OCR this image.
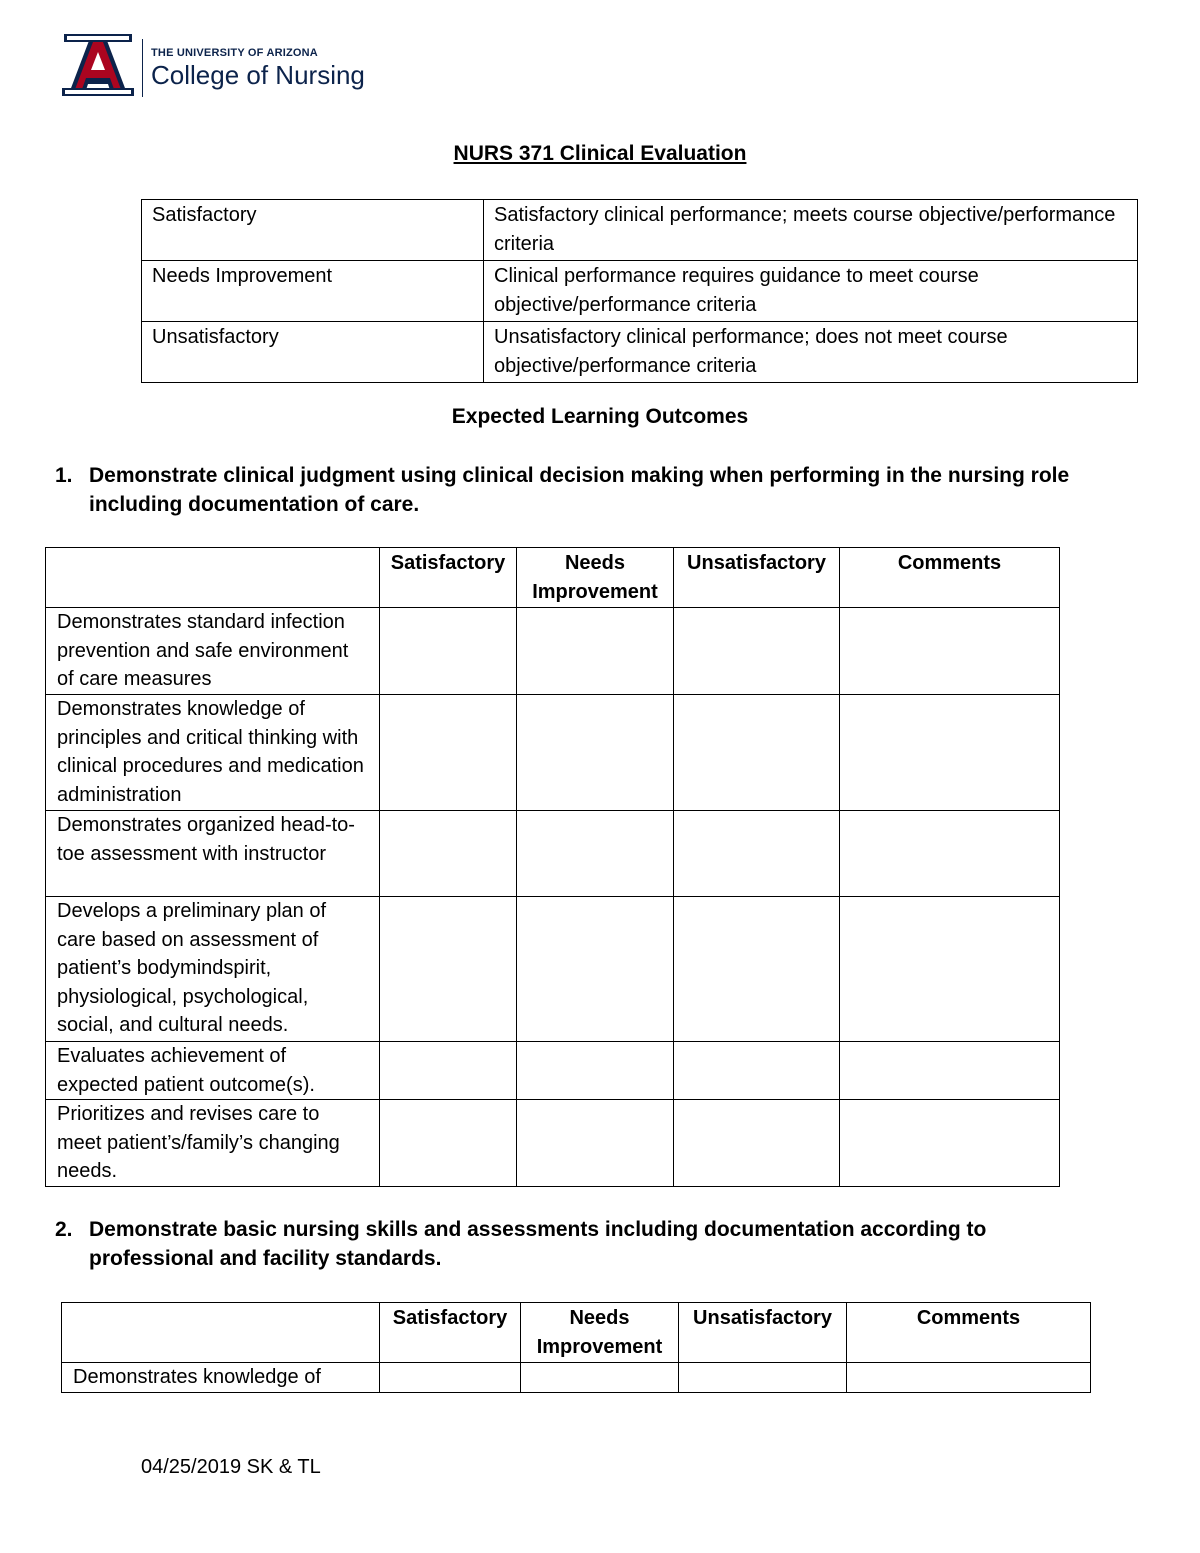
THE UNIVERSITY OF ARIZONA
College of Nursing
NURS 371 Clinical Evaluation
Satisfactory	Satisfactory clinical performance; meets course objective/performance criteria
Needs Improvement	Clinical performance requires guidance to meet course objective/performance criteria
Unsatisfactory	Unsatisfactory clinical performance; does not meet course objective/performance criteria
Expected Learning Outcomes
1. Demonstrate clinical judgment using clinical decision making when performing in the nursing role including documentation of care.
	Satisfactory	Needs Improvement	Unsatisfactory	Comments
Demonstrates standard infection prevention and safe environment of care measures				
Demonstrates knowledge of principles and critical thinking with clinical procedures and medication administration				
Demonstrates organized head-to-toe assessment with instructor				
Develops a preliminary plan of care based on assessment of patient’s bodymindspirit, physiological, psychological, social, and cultural needs.				
Evaluates achievement of expected patient outcome(s).				
Prioritizes and revises care to meet patient’s/family’s changing needs.				
2. Demonstrate basic nursing skills and assessments including documentation according to professional and facility standards.
	Satisfactory	Needs Improvement	Unsatisfactory	Comments
Demonstrates knowledge of				
04/25/2019 SK & TL
